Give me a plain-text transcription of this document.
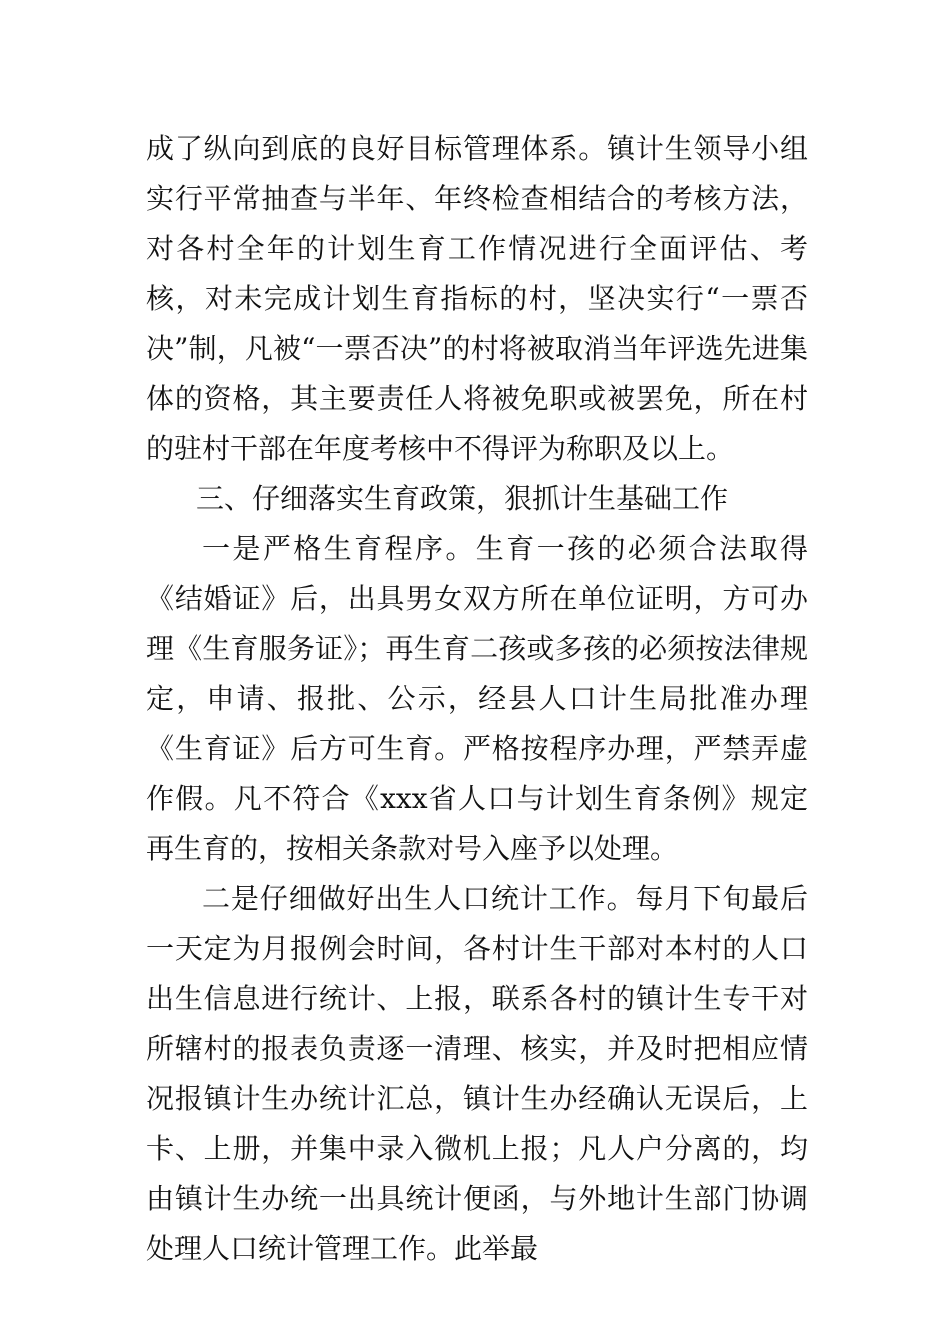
成了纵向到底的良好目标管理体系。镇计生领导小组实行平常抽查与半年、年终检查相结合的考核方法，对各村全年的计划生育工作情况进行全面评估、考核，对未完成计划生育指标的村，坚决实行“一票否决”制，凡被“一票否决”的村将被取消当年评选先进集体的资格，其主要责任人将被免职或被罢免，所在村的驻村干部在年度考核中不得评为称职及以上。

三、仔细落实生育政策，狠抓计生基础工作

一是严格生育程序。生育一孩的必须合法取得《结婚证》后，出具男女双方所在单位证明，方可办理《生育服务证》；再生育二孩或多孩的必须按法律规定，申请、报批、公示，经县人口计生局批准办理《生育证》后方可生育。严格按程序办理，严禁弄虚作假。凡不符合《xxx省人口与计划生育条例》规定再生育的，按相关条款对号入座予以处理。

二是仔细做好出生人口统计工作。每月下旬最后一天定为月报例会时间，各村计生干部对本村的人口出生信息进行统计、上报，联系各村的镇计生专干对所辖村的报表负责逐一清理、核实，并及时把相应情况报镇计生办统计汇总，镇计生办经确认无误后，上卡、上册，并集中录入微机上报；凡人户分离的，均由镇计生办统一出具统计便函，与外地计生部门协调处理人口统计管理工作。此举最
